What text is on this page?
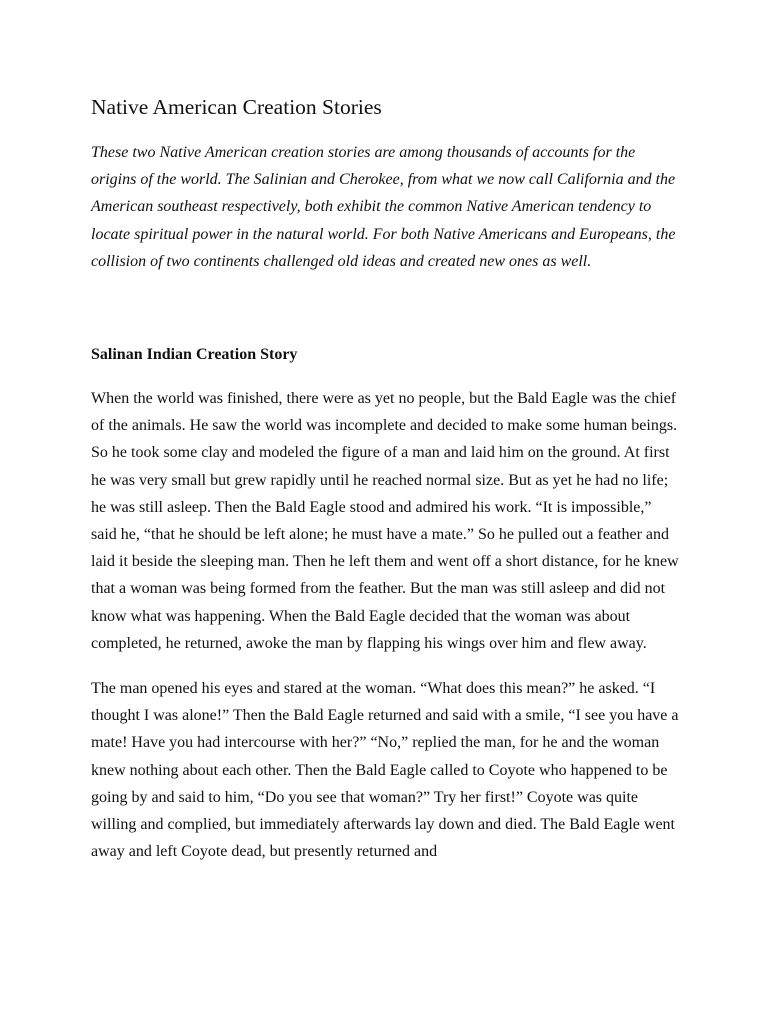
Native American Creation Stories

These two Native American creation stories are among thousands of accounts for the origins of the world. The Salinian and Cherokee, from what we now call California and the American southeast respectively, both exhibit the common Native American tendency to locate spiritual power in the natural world. For both Native Americans and Europeans, the collision of two continents challenged old ideas and created new ones as well.

Salinan Indian Creation Story

When the world was finished, there were as yet no people, but the Bald Eagle was the chief of the animals. He saw the world was incomplete and decided to make some human beings. So he took some clay and modeled the figure of a man and laid him on the ground. At first he was very small but grew rapidly until he reached normal size. But as yet he had no life; he was still asleep. Then the Bald Eagle stood and admired his work. “It is impossible,” said he, “that he should be left alone; he must have a mate.” So he pulled out a feather and laid it beside the sleeping man. Then he left them and went off a short distance, for he knew that a woman was being formed from the feather. But the man was still asleep and did not know what was happening. When the Bald Eagle decided that the woman was about completed, he returned, awoke the man by flapping his wings over him and flew away.

The man opened his eyes and stared at the woman. “What does this mean?” he asked. “I thought I was alone!” Then the Bald Eagle returned and said with a smile, “I see you have a mate! Have you had intercourse with her?” “No,” replied the man, for he and the woman knew nothing about each other. Then the Bald Eagle called to Coyote who happened to be going by and said to him, “Do you see that woman?” Try her first!” Coyote was quite willing and complied, but immediately afterwards lay down and died. The Bald Eagle went away and left Coyote dead, but presently returned and
